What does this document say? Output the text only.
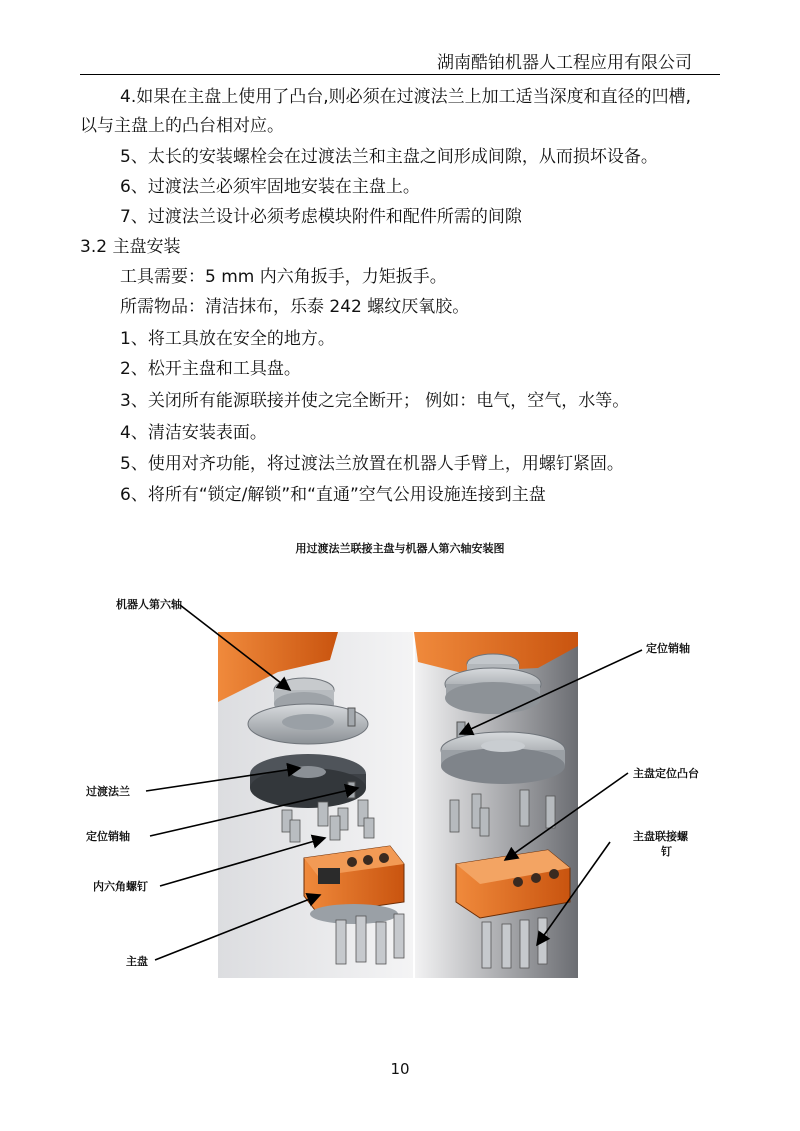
湖南酷铂机器人工程应用有限公司
4.如果在主盘上使用了凸台,则必须在过渡法兰上加工适当深度和直径的凹槽,
以与主盘上的凸台相对应。
5、太长的安装螺栓会在过渡法兰和主盘之间形成间隙，从而损坏设备。
6、过渡法兰必须牢固地安装在主盘上。
7、过渡法兰设计必须考虑模块附件和配件所需的间隙
3.2 主盘安装
工具需要：5 mm 内六角扳手，力矩扳手。
所需物品：清洁抹布，乐泰 242 螺纹厌氧胶。
1、将工具放在安全的地方。
2、松开主盘和工具盘。
3、关闭所有能源联接并使之完全断开； 例如：电气，空气，水等。
4、清洁安装表面。
5、使用对齐功能，将过渡法兰放置在机器人手臂上，用螺钉紧固。
6、将所有“锁定/解锁”和“直通”空气公用设施连接到主盘
用过渡法兰联接主盘与机器人第六轴安装图
机器人第六轴
过渡法兰
定位销轴
内六角螺钉
主盘
定位销轴
主盘定位凸台
主盘联接螺
钉
10
